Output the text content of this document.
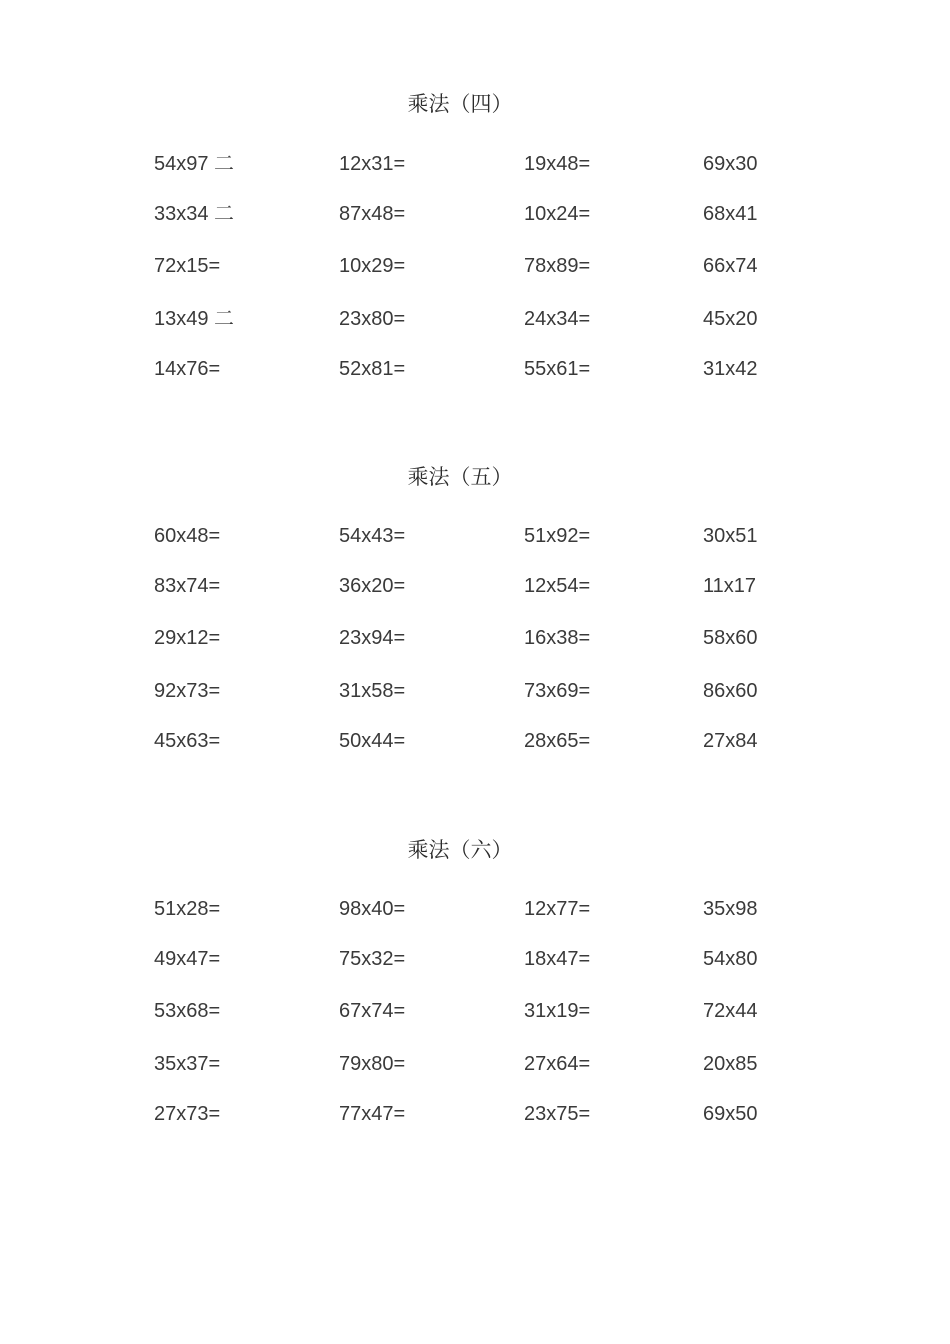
乘法（四）
54x97 二	12x31=	19x48=	69x30
33x34 二	87x48=	10x24=	68x41
72x15=	10x29=	78x89=	66x74
13x49 二	23x80=	24x34=	45x20
14x76=	52x81=	55x61=	31x42
乘法（五）
60x48=	54x43=	51x92=	30x51
83x74=	36x20=	12x54=	11x17
29x12=	23x94=	16x38=	58x60
92x73=	31x58=	73x69=	86x60
45x63=	50x44=	28x65=	27x84
乘法（六）
51x28=	98x40=	12x77=	35x98
49x47=	75x32=	18x47=	54x80
53x68=	67x74=	31x19=	72x44
35x37=	79x80=	27x64=	20x85
27x73=	77x47=	23x75=	69x50
